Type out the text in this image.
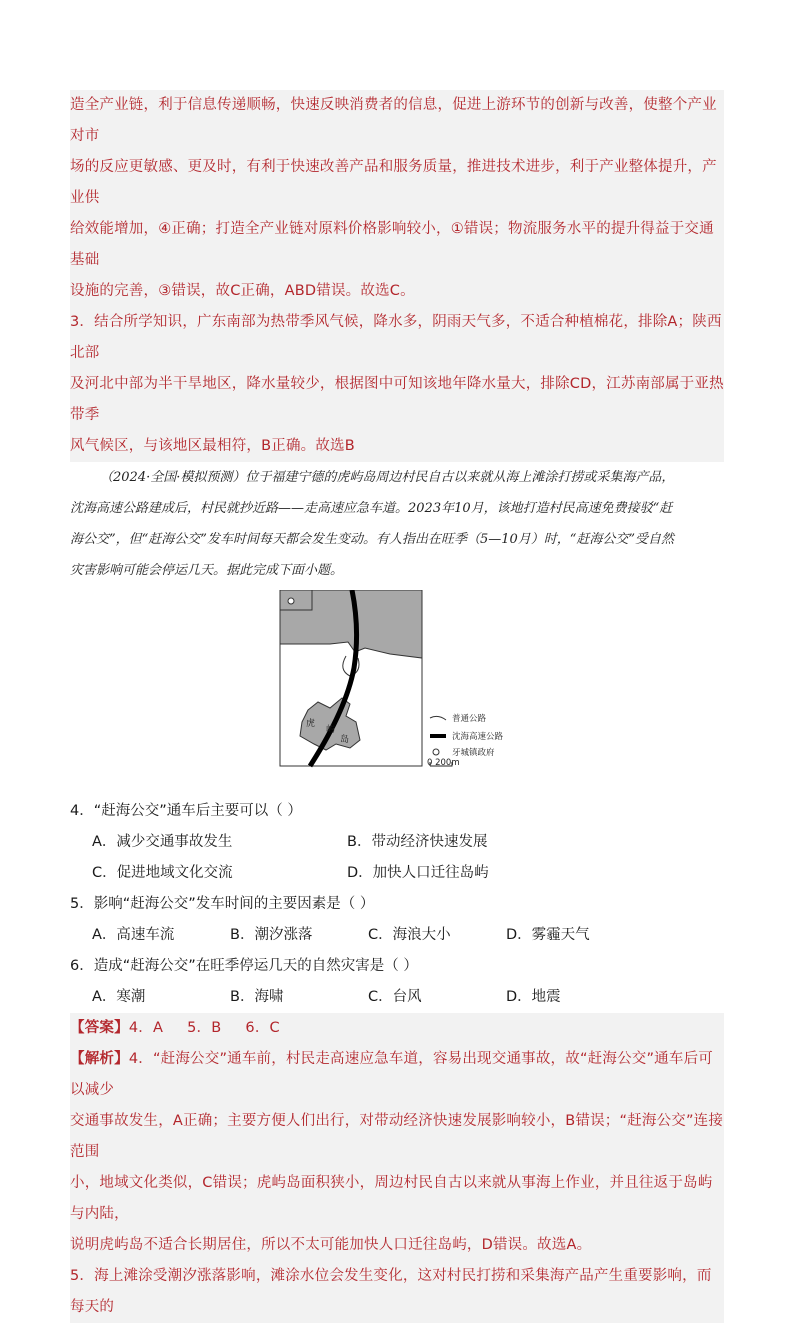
造全产业链，利于信息传递顺畅，快速反映消费者的信息，促进上游环节的创新与改善，使整个产业对市

场的反应更敏感、更及时，有利于快速改善产品和服务质量，推进技术进步，利于产业整体提升，产业供

给效能增加，④正确；打造全产业链对原料价格影响较小，①错误；物流服务水平的提升得益于交通基础

设施的完善，③错误，故C正确，ABD错误。故选C。

3．结合所学知识，广东南部为热带季风气候，降水多，阴雨天气多，不适合种植棉花，排除A；陕西北部

及河北中部为半干旱地区，降水量较少，根据图中可知该地年降水量大，排除CD，江苏南部属于亚热带季

风气候区，与该地区最相符，B正确。故选B

（2024·全国·模拟预测）位于福建宁德的虎屿岛周边村民自古以来就从海上滩涂打捞或采集海产品，

沈海高速公路建成后，村民就抄近路——走高速应急车道。2023年10月，该地打造村民高速免费接驳“赶

海公交”，但“赶海公交”发车时间每天都会发生变动。有人指出在旺季（5—10月）时，“赶海公交”受自然

灾害影响可能会停运几天。据此完成下面小题。

虎
屿
岛
普通公路
沈海高速公路
牙城镇政府
0 200m

4．“赶海公交”通车后主要可以（ ）

A．减少交通事故发生	B．带动经济快速发展
C．促进地域文化交流	D．加快人口迁往岛屿

5．影响“赶海公交”发车时间的主要因素是（ ）

A．高速车流	B．潮汐涨落	C．海浪大小	D．雾霾天气

6．造成“赶海公交”在旺季停运几天的自然灾害是（ ）

A．寒潮	B．海啸	C．台风	D．地震

【答案】4．A     5．B     6．C

【解析】4．“赶海公交”通车前，村民走高速应急车道，容易出现交通事故，故“赶海公交”通车后可以减少

交通事故发生，A正确；主要方便人们出行，对带动经济快速发展影响较小，B错误；“赶海公交”连接范围

小，地域文化类似，C错误；虎屿岛面积狭小，周边村民自古以来就从事海上作业，并且往返于岛屿与内陆，

说明虎屿岛不适合长期居住，所以不太可能加快人口迁往岛屿，D错误。故选A。

5．海上滩涂受潮汐涨落影响，滩涂水位会发生变化，这对村民打捞和采集海产品产生重要影响，而每天的
